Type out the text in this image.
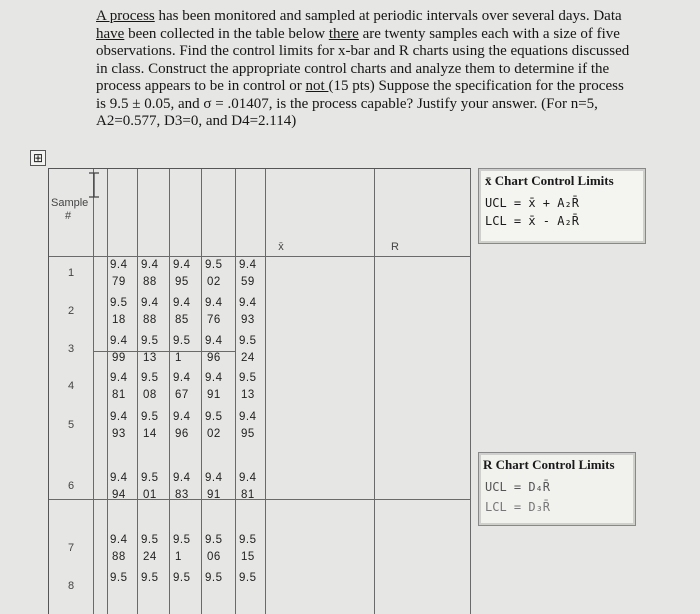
A process has been monitored and sampled at periodic intervals over several days. Data

have been collected in the table below there are twenty samples each with a size of five

observations. Find the control limits for x-bar and R charts using the equations discussed

in class. Construct the appropriate control charts and analyze them to determine if the

process appears to be in control or not (15 pts) Suppose the specification for the process

is 9.5 ± 0.05, and σ = .01407, is the process capable? Justify your answer. (For n=5,

A2=0.577, D3=0, and D4=2.114)

⊞
Sample #
x̄	R
1
9.4
79
9.4
88
9.4
95
9.5
02
9.4
59
2
9.5
18
9.4
88
9.4
85
9.4
76
9.4
93
3
9.4
99
9.5
13
9.5
1
9.4
96
9.5
24
4
9.4
81
9.5
08
9.4
67
9.4
91
9.5
13
5
9.4
93
9.5
14
9.4
96
9.5
02
9.4
95
6
9.4
94
9.5
01
9.4
83
9.4
91
9.4
81
7
9.4
88
9.5
24
9.5
1
9.5
06
9.5
15
8
9.5 9.5 9.5 9.5 9.5
x̄ Chart Control Limits
UCL = x̄ + A₂R̄
LCL = x̄ - A₂R̄
R Chart Control Limits
UCL = D₄R̄
LCL = D₃R̄
